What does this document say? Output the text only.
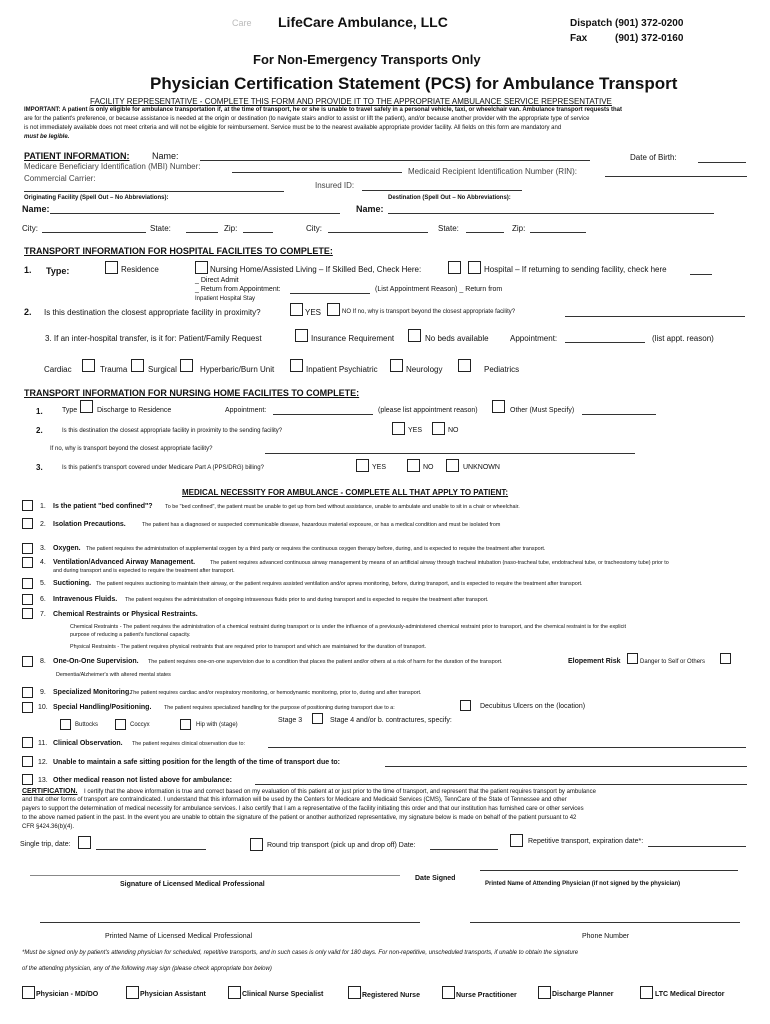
Care LifeCare Ambulance, LLC	Dispatch (901) 372-0200
Fax          (901) 372-0160
For Non-Emergency Transports Only
Physician Certification Statement (PCS) for Ambulance Transport
FACILITY REPRESENTATIVE - COMPLETE THIS FORM AND PROVIDE IT TO THE APPROPRIATE AMBULANCE SERVICE REPRESENTATIVE
IMPORTANT: A patient is only eligible for ambulance transportation if, at the time of transport, he or she is unable to travel safely in a personal vehicle, taxi, or wheelchair van. Ambulance transport requests that
are for the patient's preference, or because assistance is needed at the origin or destination (to navigate stairs and/or to assist or lift the patient), and/or because another provider with the appropriate type of service
is not immediately available does not meet criteria and will not be eligible for reimbursement. Service must be to the nearest available appropriate provider facility. All fields on this form are mandatory and
must be legible.
PATIENT INFORMATION:	Name:	Date of Birth:
Medicare Beneficiary Identification (MBI) Number:
Medicaid Recipient Identification Number (RIN):
Commercial Carrier:
Insured ID:
Originating Facility (Spell Out – No Abbreviations):	Destination (Spell Out – No Abbreviations):
Name:	Name:
City:	State:	Zip:	City:	State:	Zip:
TRANSPORT INFORMATION FOR HOSPITAL FACILITES TO COMPLETE:
1. Type:	Residence	Nursing Home/Assisted Living – If Skilled Bed, Check Here:	Hospital – If returning to sending facility, check here
_ Direct Admit
_ Return from Appointment:	(List Appointment Reason) _ Return from
Inpatient Hospital Stay
2. Is this destination the closest appropriate facility in proximity?	YES	NO If no, why is transport beyond the closest appropriate facility?
3. If an inter-hospital transfer, is it for: Patient/Family Request	Insurance Requirement	No beds available	Appointment:	(list appt. reason)
Cardiac	Trauma	Surgical	Hyperbaric/Burn Unit	Inpatient Psychiatric	Neurology	Pediatrics
TRANSPORT INFORMATION FOR NURSING HOME FACILITES TO COMPLETE:
1.	Type	Discharge to Residence	Appointment:	(please list appointment reason)	Other (Must Specify)
2.	Is this destination the closest appropriate facility in proximity to the sending facility?	YES	NO
If no, why is transport beyond the closest appropriate facility?
3.	Is this patient's transport covered under Medicare Part A (PPS/DRG) billing?	YES	NO	UNKNOWN
MEDICAL NECESSITY FOR AMBULANCE - COMPLETE ALL THAT APPLY TO PATIENT:
1. Is the patient "bed confined"? To be "bed confined", the patient must be unable to get up from bed without assistance, unable to ambulate and unable to sit in a chair or wheelchair.
2. Isolation Precautions.	The patient has a diagnosed or suspected communicable disease, hazardous material exposure, or has a medical condition and must be isolated from
3. Oxygen. The patient requires the administration of supplemental oxygen by a third party or requires the continuous oxygen therapy before, during, and is expected to require the treatment after transport.
4. Ventilation/Advanced Airway Management.	The patient requires advanced continuous airway management by means of an artificial airway through tracheal intubation (naso-tracheal tube, endotracheal tube, or tracheostomy tube) prior to
and during transport and is expected to require the treatment after transport.
5. Suctioning. The patient requires suctioning to maintain their airway, or the patient requires assisted ventilation and/or apnea monitoring, before, during transport, and is expected to require the treatment after transport.
6. Intravenous Fluids. The patient requires the administration of ongoing intravenous fluids prior to and during transport and is expected to require the treatment after transport.
7. Chemical Restraints or Physical Restraints.
Chemical Restraints - The patient requires the administration of a chemical restraint during transport or is under the influence of a previously-administered chemical restraint prior to transport, and the chemical restraint is for the explicit
purpose of reducing a patient's functional capacity.
Physical Restraints - The patient requires physical restraints that are required prior to transport and which are maintained for the duration of transport.
8. One-On-One Supervision. The patient requires one-on-one supervision due to a condition that places the patient and/or others at a risk of harm for the duration of the transport.	Elopement Risk	Danger to Self or Others
Dementia/Alzheimer's with altered mental states
9. Specialized Monitoring.
The patient requires cardiac and/or respiratory monitoring, or hemodynamic monitoring, prior to, during and after transport.
10. Special Handling/Positioning. The patient requires specialized handling for the purpose of positioning during transport due to a:	Decubitus Ulcers on the (location)
Stage 3	Stage 4 and/or b. contractures, specify:
Buttocks	Coccyx	Hip with (stage)
11. Clinical Observation. The patient requires clinical observation due to:
12. Unable to maintain a safe sitting position for the length of the time of transport due to:
13. Other medical reason not listed above for ambulance:
CERTIFICATION. I certify that the above information is true and correct based on my evaluation of this patient at or just prior to the time of transport, and represent that the patient requires transport by ambulance
and that other forms of transport are contraindicated. I understand that this information will be used by the Centers for Medicare and Medicaid Services (CMS), TennCare of the State of Tennessee and other
payers to support the determination of medical necessity for ambulance services. I also certify that I am a representative of the facility initiating this order and that our institution has furnished care or other services
to the above named patient in the past. In the event you are unable to obtain the signature of the patient or another authorized representative, my signature below is made on behalf of the patient pursuant to 42
CFR §424.36(b)(4).
Single trip, date:	Round trip transport (pick up and drop off) Date:
Repetitive transport, expiration date*:
Date Signed
Signature of Licensed Medical Professional	Printed Name of Attending Physician (if not signed by the physician)
Printed Name of Licensed Medical Professional	Phone Number
*Must be signed only by patient's attending physician for scheduled, repetitive transports, and in such cases is only valid for 180 days. For non-repetitive, unscheduled transports, if unable to obtain the signature
of the attending physician, any of the following may sign (please check appropriate box below)
Physician - MD/DO	Physician Assistant	Clinical Nurse Specialist	Registered Nurse	Nurse Practitioner	Discharge Planner	LTC Medical Director
